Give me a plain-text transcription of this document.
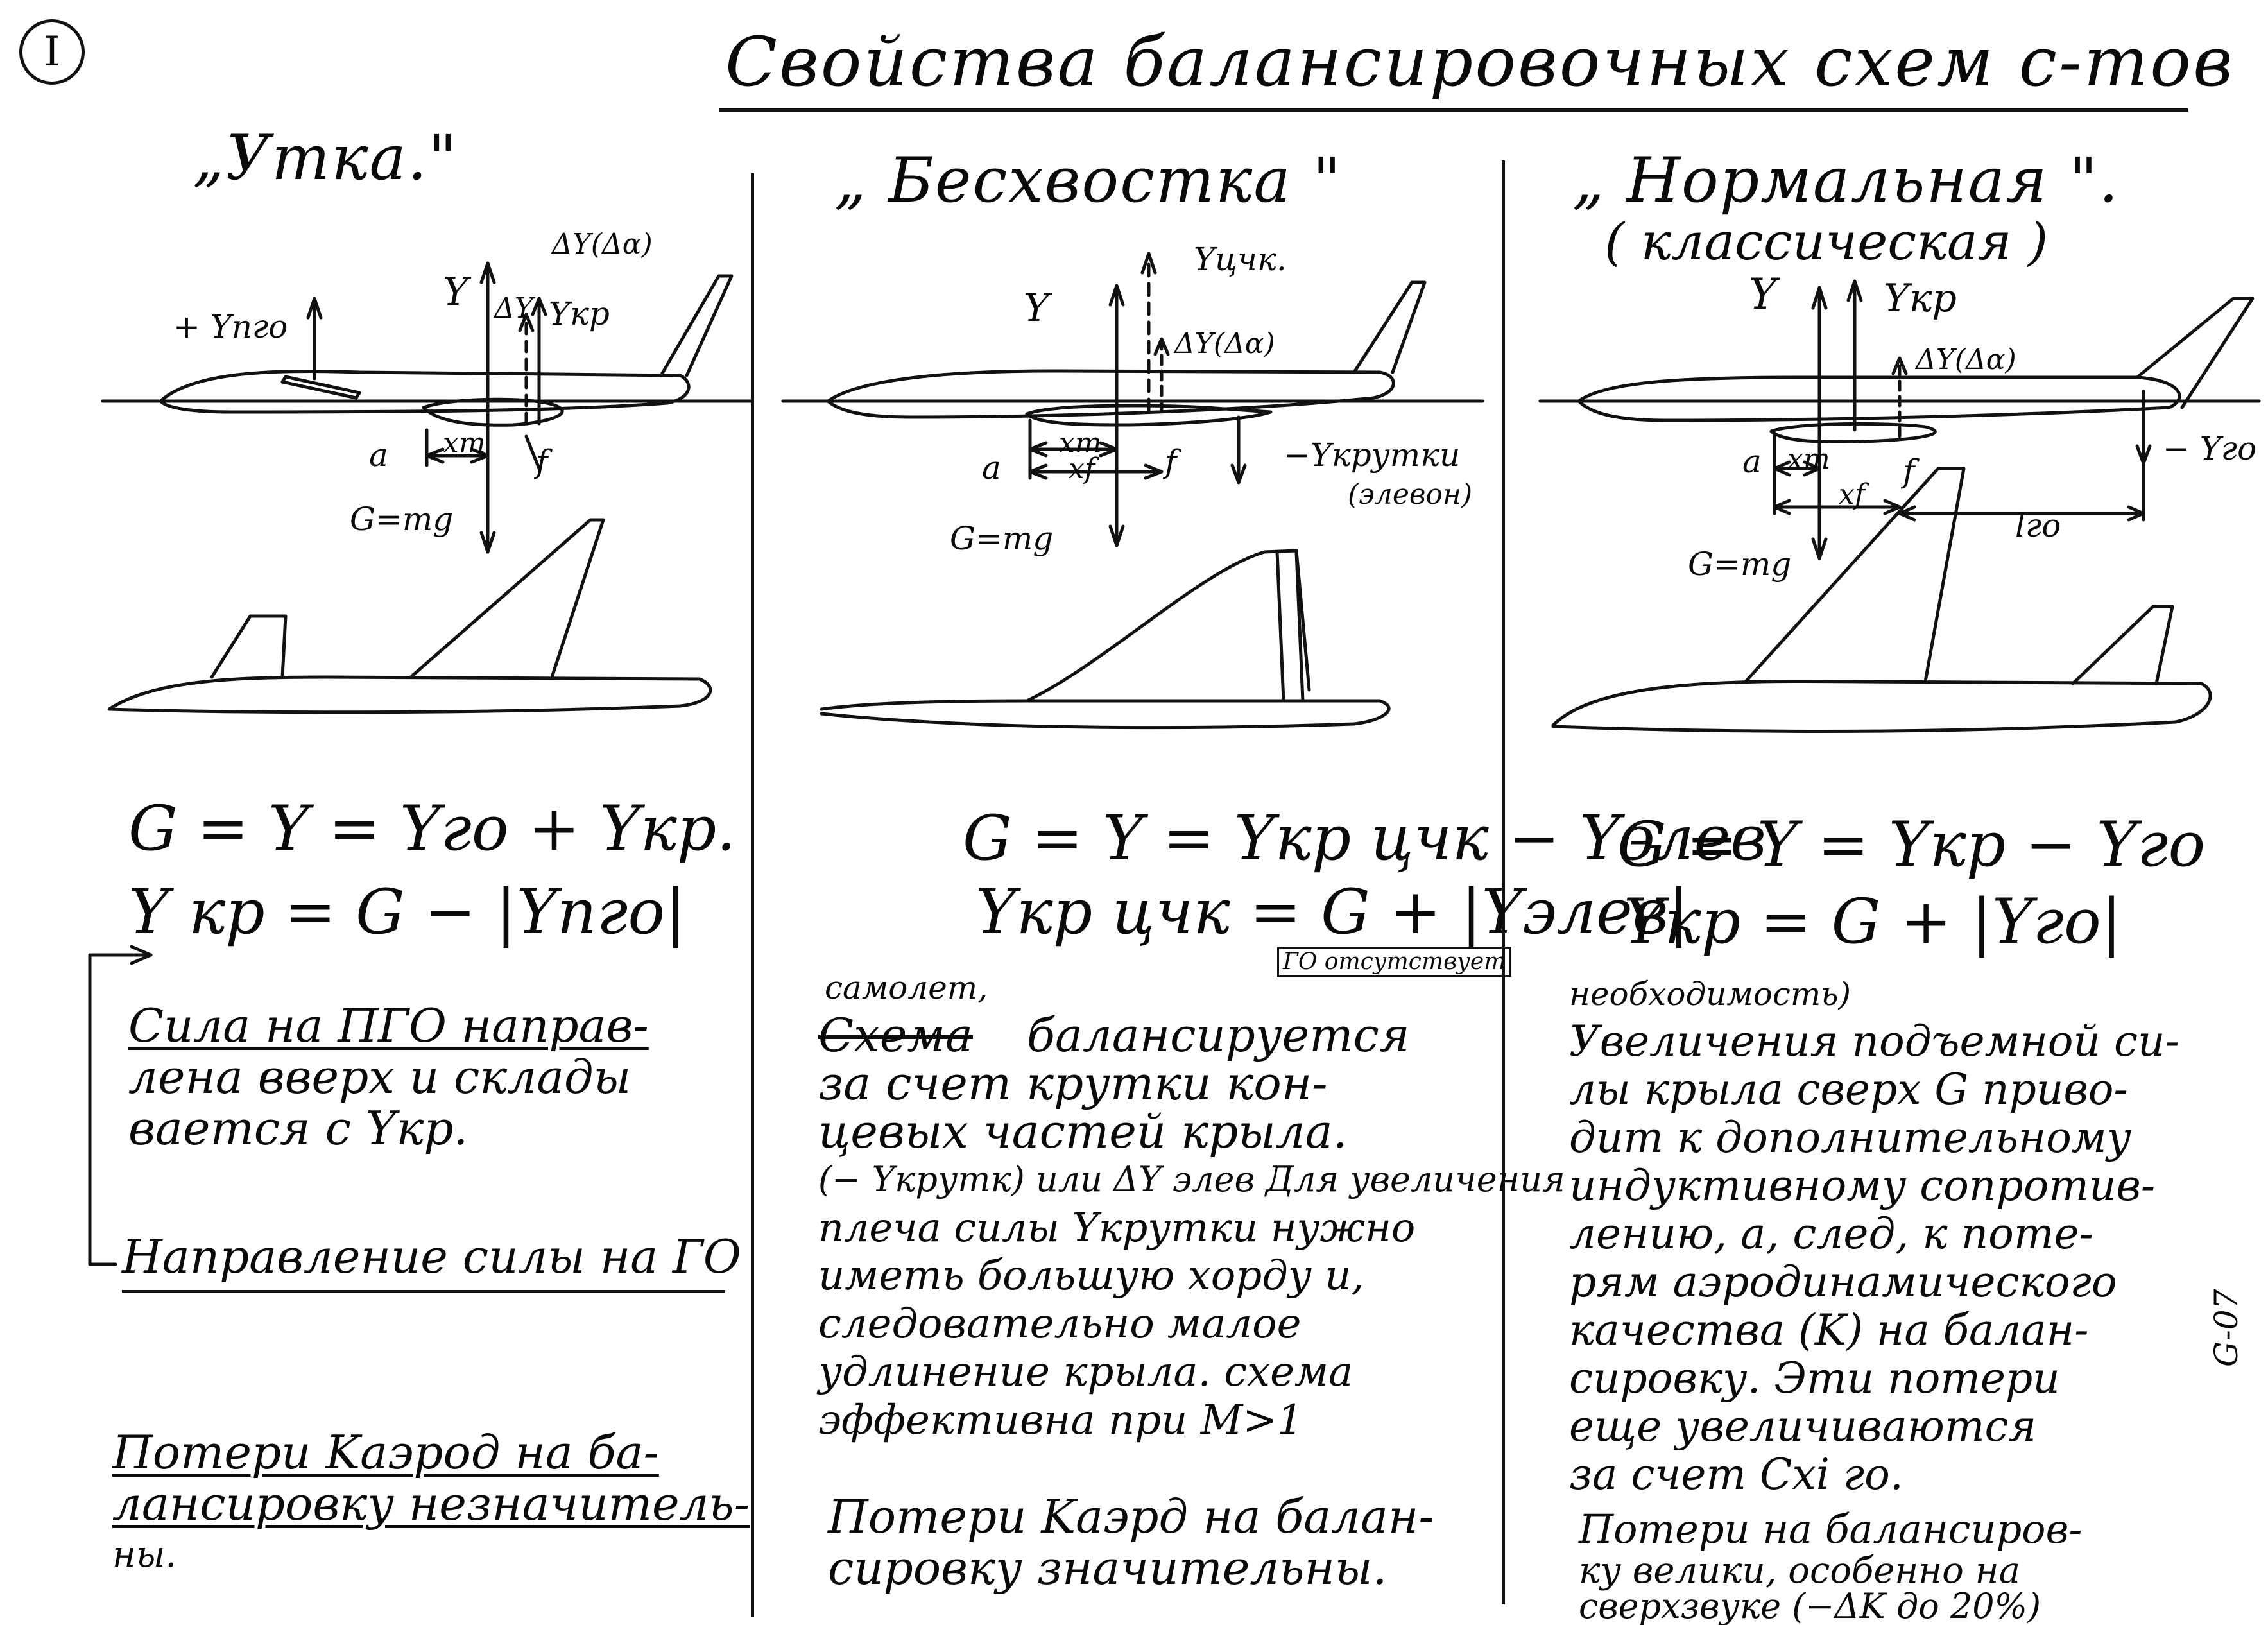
I	Свойства балансировочных схем с-тов
„Утка."
+ Yпго
Y ΔY Yкр
ΔY(Δα)
a xт f
G=mg
G = Y = Yго + Yкр.
Y кр = G − |Yпго|
Сила на ПГО направ-
лена вверх и склады
вается с Yкр.
Направление силы на ГО
Потери Kаэрод на ба-
лансировку незначитель-
ны.
„ Бесхвостка "
Yцчк.
Y
ΔY(Δα)
a
xт
xf f	−Yкрутки
(элевон)
G=mg
G = Y = Yкр цчк − Yэлев
Yкр цчк = G + |Yэлев|
ГО отсутствует
самолет,
Схема балансируется
за счет крутки кон-
цевых частей крыла.
(− Yкрутк) или ΔY элев Для увеличения
плеча силы Yкрутки нужно
иметь большую хорду и,
следовательно малое
удлинение крыла. схема
эффективна при M>1
Потери Kаэрд на балан-
сировку значительны.
„ Нормальная ".
( классическая )
Y	Yкр
ΔY(Δα)
− Yго
a xт
xf
f
lго
G=mg
G = Y = Yкр − Yго
Yкр = G + |Yго|
необходимость)
Увеличения подъемной си-
лы крыла сверх G приво-
дит к дополнительному
индуктивному сопротив-
лению, а, след, к поте-
рям аэродинамического
качества (K) на балан-
сировку. Эти потери
еще увеличиваются
за счет Cxi го.
Потери на балансиров-
ку велики, особенно на
сверхзвуке (−ΔK до 20%)
G-07
